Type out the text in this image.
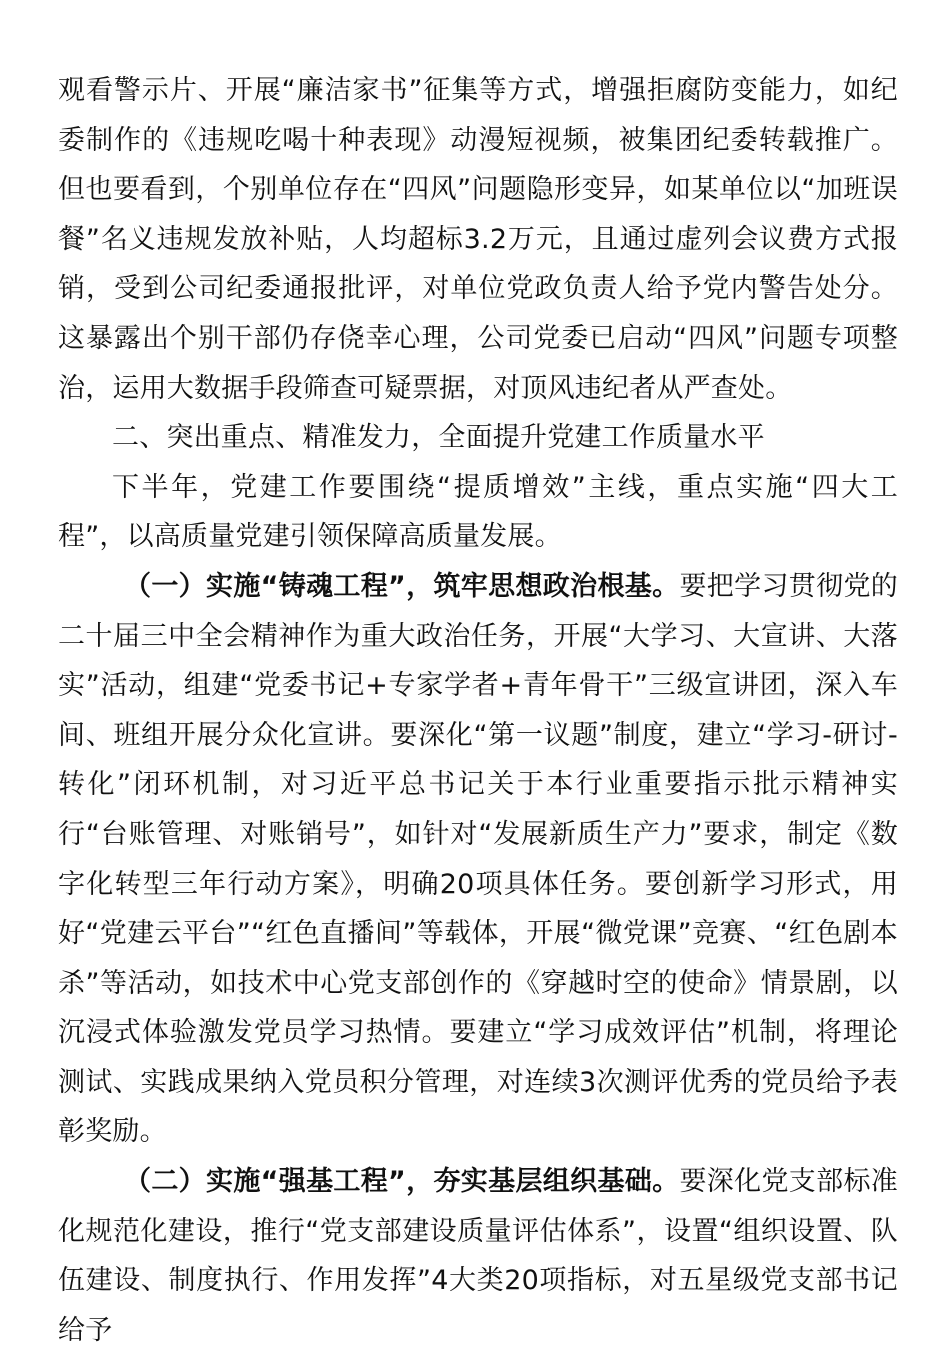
观看警示片、开展“廉洁家书”征集等方式，增强拒腐防变能力，如纪委制作的《违规吃喝十种表现》动漫短视频，被集团纪委转载推广。但也要看到，个别单位存在“四风”问题隐形变异，如某单位以“加班误餐”名义违规发放补贴，人均超标3.2万元，且通过虚列会议费方式报销，受到公司纪委通报批评，对单位党政负责人给予党内警告处分。这暴露出个别干部仍存侥幸心理，公司党委已启动“四风”问题专项整治，运用大数据手段筛查可疑票据，对顶风违纪者从严查处。

二、突出重点、精准发力，全面提升党建工作质量水平

下半年，党建工作要围绕“提质增效”主线，重点实施“四大工程”，以高质量党建引领保障高质量发展。

（一）实施“铸魂工程”，筑牢思想政治根基。要把学习贯彻党的二十届三中全会精神作为重大政治任务，开展“大学习、大宣讲、大落实”活动，组建“党委书记+专家学者+青年骨干”三级宣讲团，深入车间、班组开展分众化宣讲。要深化“第一议题”制度，建立“学习-研讨-转化”闭环机制，对习近平总书记关于本行业重要指示批示精神实行“台账管理、对账销号”，如针对“发展新质生产力”要求，制定《数字化转型三年行动方案》，明确20项具体任务。要创新学习形式，用好“党建云平台”“红色直播间”等载体，开展“微党课”竞赛、“红色剧本杀”等活动，如技术中心党支部创作的《穿越时空的使命》情景剧，以沉浸式体验激发党员学习热情。要建立“学习成效评估”机制，将理论测试、实践成果纳入党员积分管理，对连续3次测评优秀的党员给予表彰奖励。

（二）实施“强基工程”，夯实基层组织基础。要深化党支部标准化规范化建设，推行“党支部建设质量评估体系”，设置“组织设置、队伍建设、制度执行、作用发挥”4大类20项指标，对五星级党支部书记给予
